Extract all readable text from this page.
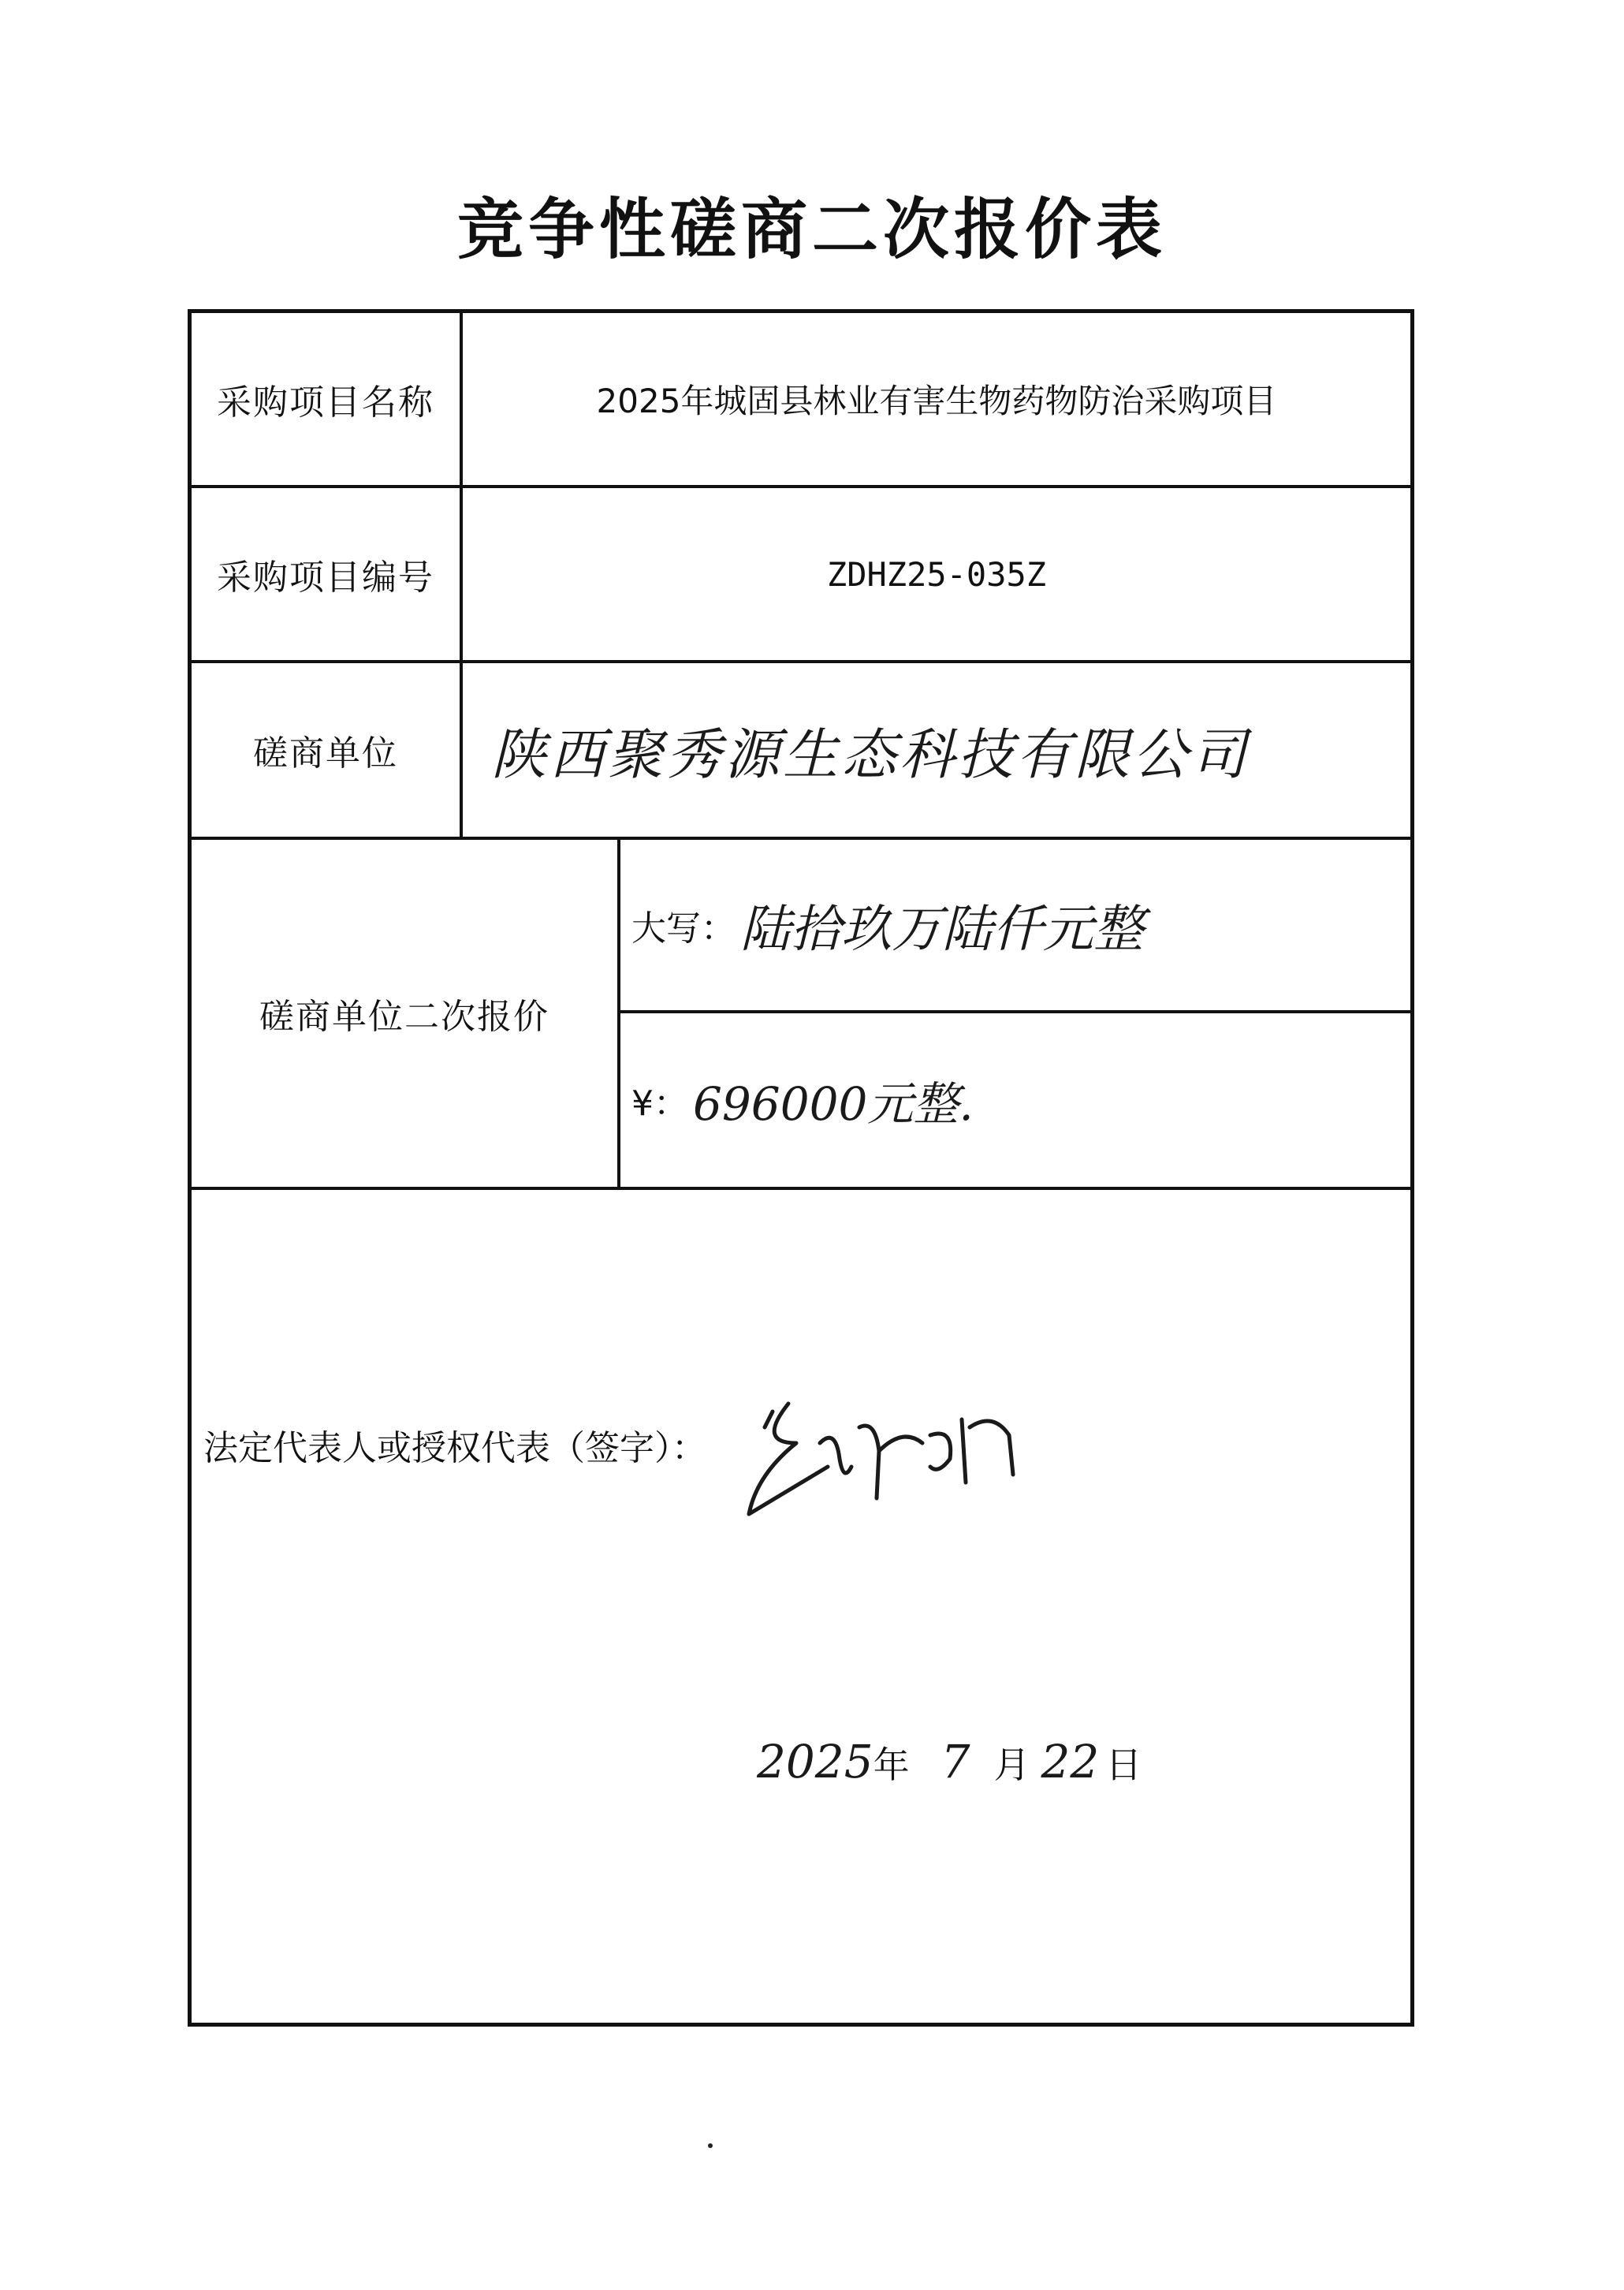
竞争性磋商二次报价表
采购项目名称	2025年城固县林业有害生物药物防治采购项目
采购项目编号	ZDHZ25-035Z
磋商单位	陕西聚秀源生态科技有限公司
磋商单位二次报价
大写： 陆拾玖万陆仟元整
¥： 696000元整.
法定代表人或授权代表（签字）：
2025 年 7 月 22 日
